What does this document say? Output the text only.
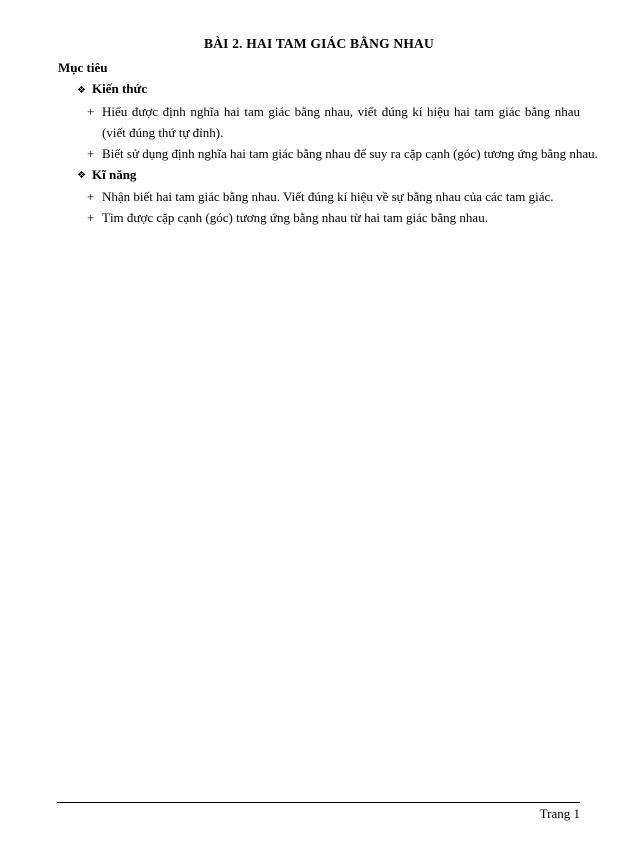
BÀI 2. HAI TAM GIÁC BẰNG NHAU
Mục tiêu
❖ Kiến thức
+ Hiểu được định nghĩa hai tam giác bằng nhau, viết đúng kí hiệu hai tam giác bằng nhau (viết đúng thứ tự đỉnh).
+ Biết sử dụng định nghĩa hai tam giác bằng nhau để suy ra cặp cạnh (góc) tương ứng bằng nhau.
❖ Kĩ năng
+ Nhận biết hai tam giác bằng nhau. Viết đúng kí hiệu về sự bằng nhau của các tam giác.
+ Tìm được cặp cạnh (góc) tương ứng bằng nhau từ hai tam giác bằng nhau.
Trang 1
